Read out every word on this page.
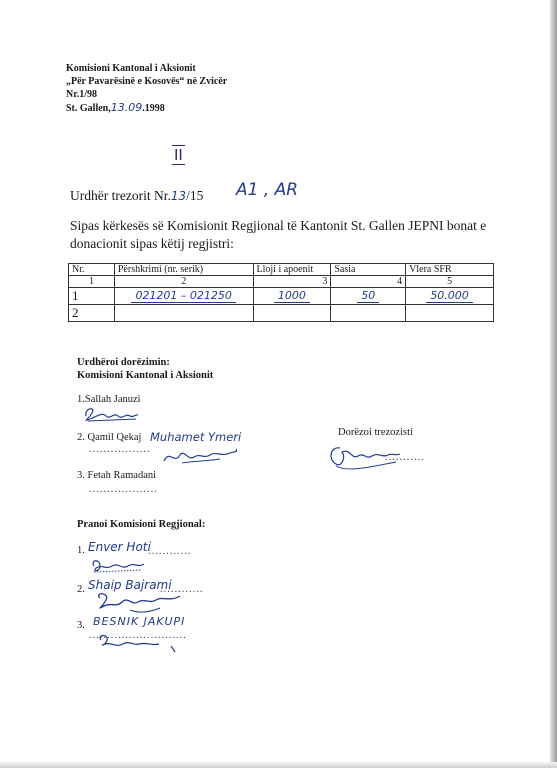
Komisioni Kantonal i Aksionit
„Për Pavarësinë e Kosovës“ në Zvicër
Nr.1/98
St. Gallen,13.09.1998
II
Urdhër trezorit Nr.13/15 A1 , AR
Sipas kërkesës së Komisionit Regjional të Kantonit St. Gallen JEPNI bonat e
donacionit sipas këtij regjistri:
Nr.	Përshkrimi (nr. serik)	Lloji i apoenit	Sasia	Vlera SFR
1	2	3	4	5
1	021201 – 021250	1000	50	50.000
2				
Urdhëroi dorëzimin:
Komisioni Kantonal i Aksionit
1.Sallah Januzi
2. Qamil Qekaj Muhamet Ymeri
.................
3. Fetah Ramadani
...................
Dorëzoi trezozisti
...........
Pranoi Komisioni Regjional:
1. Enver Hoti
............
2. Shaip Bajrami
............
3. BESNIK JAKUPI
...........................
